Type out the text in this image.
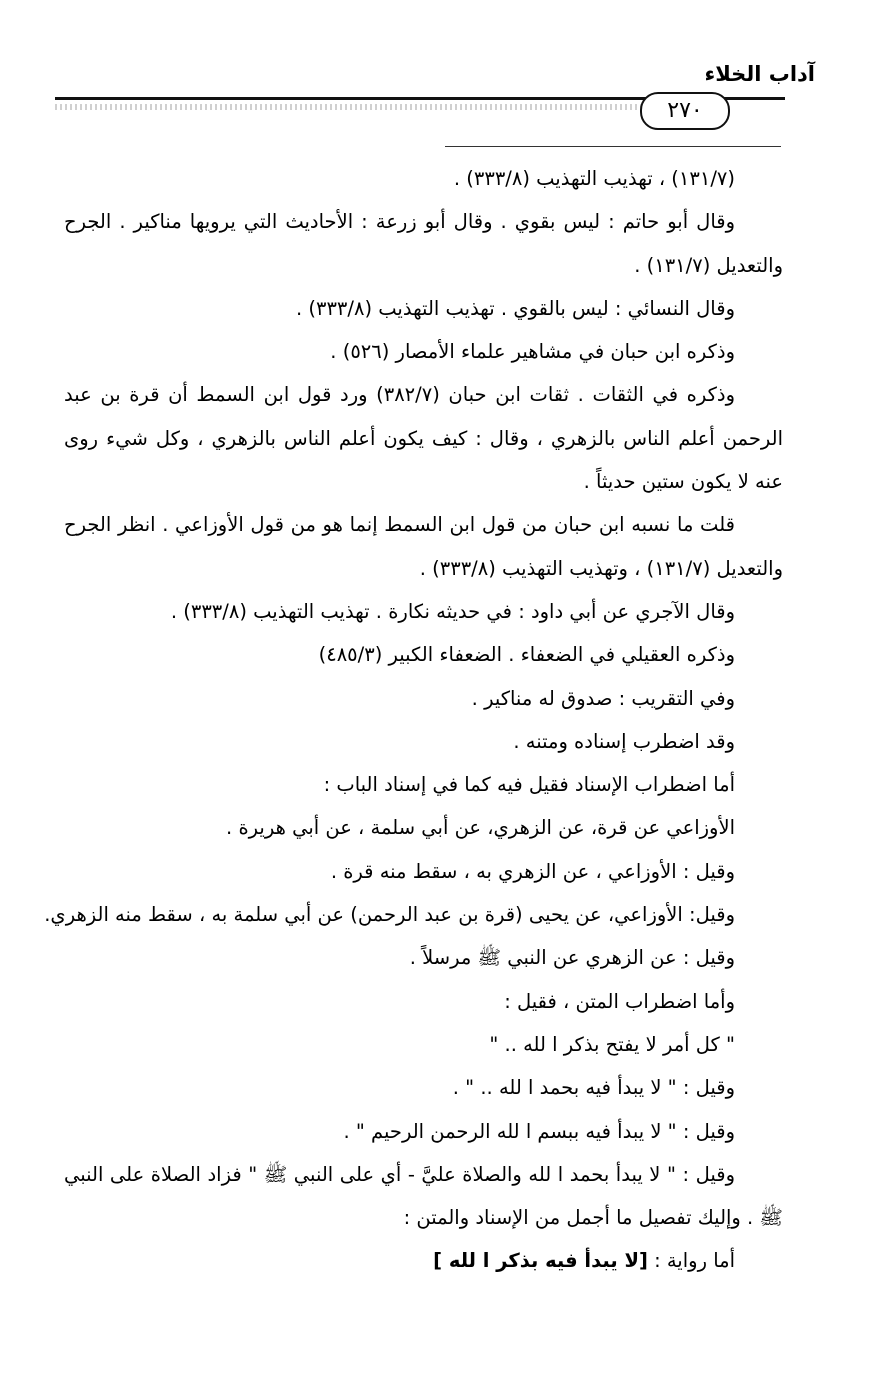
آداب الخلاء
٢٧٠
(١٣١/٧) ، تهذيب التهذيب (٣٣٣/٨) .
وقال أبو حاتم : ليس بقوي . وقال أبو زرعة : الأحاديث التي يرويها مناكير . الجرح
والتعديل (١٣١/٧) .
وقال النسائي : ليس بالقوي . تهذيب التهذيب (٣٣٣/٨) .
وذكره ابن حبان في مشاهير علماء الأمصار (٥٢٦) .
وذكره في الثقات . ثقات ابن حبان (٣٨٢/٧) ورد قول ابن السمط أن قرة بن عبد
الرحمن أعلم الناس بالزهري ، وقال : كيف يكون أعلم الناس بالزهري ، وكل شيء روى
عنه لا يكون ستين حديثاً .
قلت ما نسبه ابن حبان من قول ابن السمط إنما هو من قول الأوزاعي . انظر الجرح
والتعديل (١٣١/٧) ، وتهذيب التهذيب (٣٣٣/٨) .
وقال الآجري عن أبي داود : في حديثه نكارة . تهذيب التهذيب (٣٣٣/٨) .
وذكره العقيلي في الضعفاء . الضعفاء الكبير (٤٨٥/٣)
وفي التقريب : صدوق له مناكير .
وقد اضطرب إسناده ومتنه .
أما اضطراب الإسناد فقيل فيه كما في إسناد الباب :
الأوزاعي عن قرة، عن الزهري، عن أبي سلمة ، عن أبي هريرة .
وقيل : الأوزاعي ، عن الزهري به ، سقط منه قرة .
وقيل: الأوزاعي، عن يحيى (قرة بن عبد الرحمن) عن أبي سلمة به ، سقط منه الزهري.
وقيل : عن الزهري عن النبي ﷺ مرسلاً .
وأما اضطراب المتن ، فقيل :
" كل أمر لا يفتح بذكر ا لله .. "
وقيل : " لا يبدأ فيه بحمد ا لله .. " .
وقيل : " لا يبدأ فيه ببسم ا لله الرحمن الرحيم " .
وقيل : " لا يبدأ بحمد ا لله والصلاة عليَّ - أي على النبي ﷺ " فزاد الصلاة على النبي
ﷺ . وإليك تفصيل ما أجمل من الإسناد والمتن :
أما رواية : [لا يبدأ فيه بذكر ا لله ]
